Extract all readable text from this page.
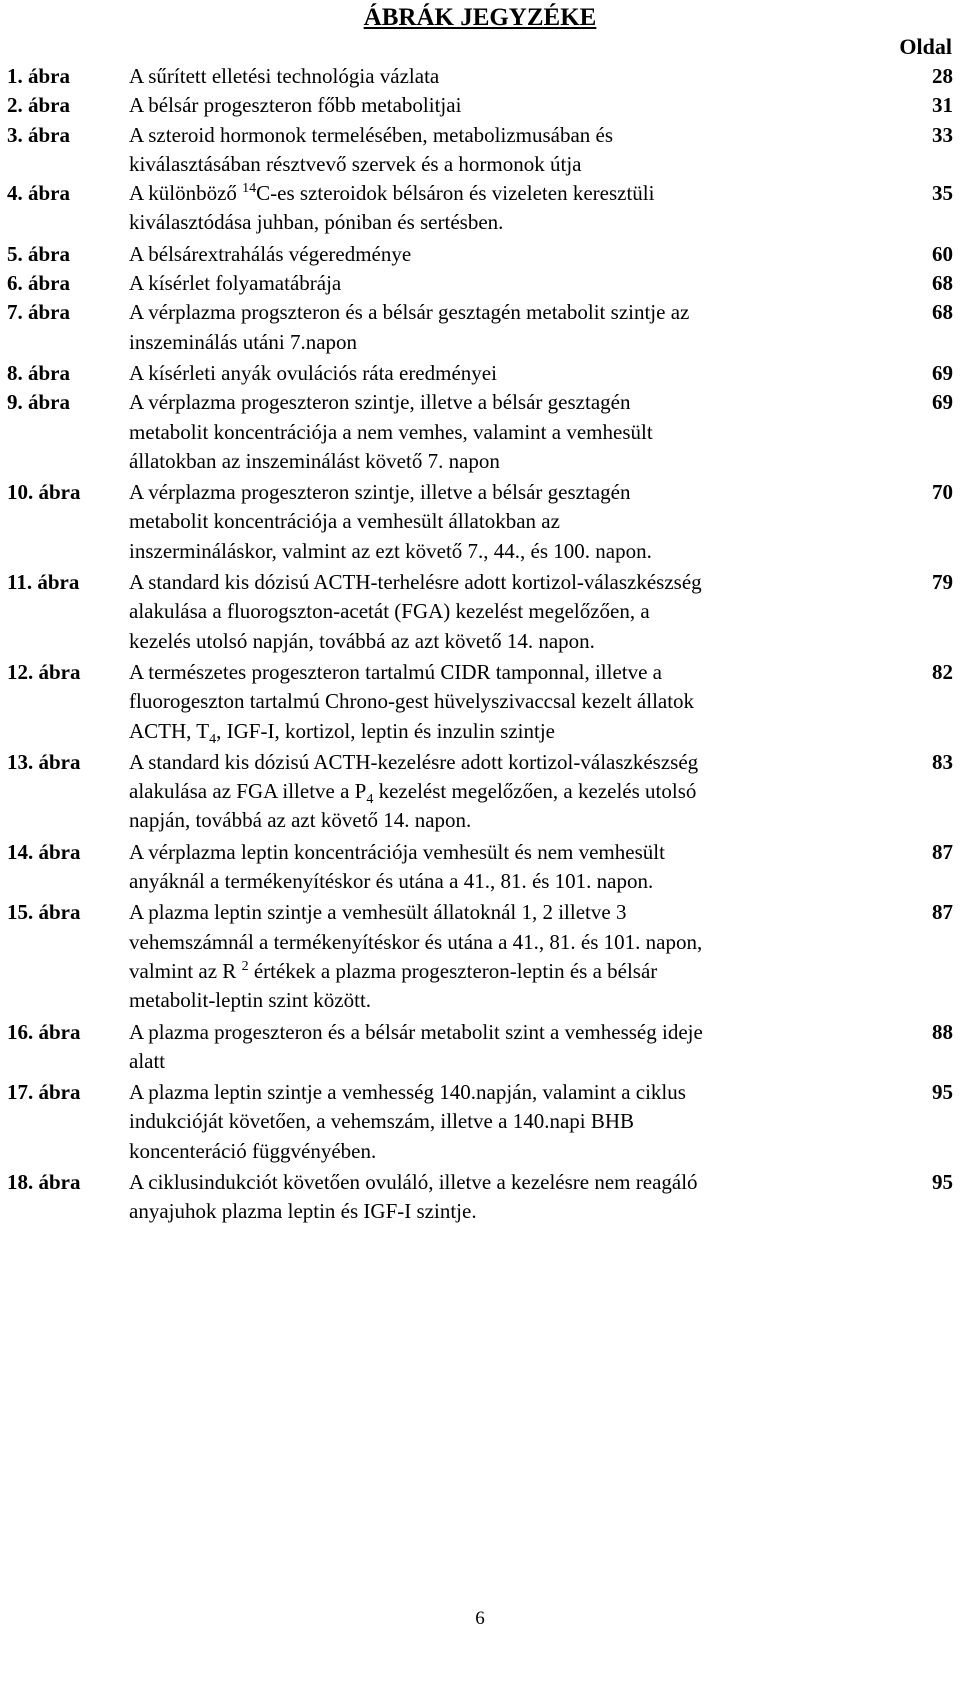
ÁBRÁK JEGYZÉKE
Oldal
1. ábra	A sűrített elletési technológia vázlata	28
2. ábra	A bélsár progeszteron főbb metabolitjai	31
3. ábra	A szteroid hormonok termelésében, metabolizmusában és
kiválasztásában résztvevő szervek és a hormonok útja
33
4. ábra	A különböző $^{14}$C-es szteroidok bélsáron és vizeleten keresztüli
kiválasztódása juhban, póniban és sertésben.
35
5. ábra	A bélsárextrahálás végeredménye	60
6. ábra	A kísérlet folyamatábrája	68
7. ábra	A vérplazma progszteron és a bélsár gesztagén metabolit szintje az
inszeminálás utáni 7.napon
68
8. ábra	A kísérleti anyák ovulációs ráta eredményei	69
9. ábra	A vérplazma progeszteron szintje, illetve a bélsár gesztagén
metabolit koncentrációja a nem vemhes, valamint a vemhesült
állatokban az inszeminálást követő 7. napon
69
10. ábra A vérplazma progeszteron szintje, illetve a bélsár gesztagén
metabolit koncentrációja a vemhesült állatokban az
inszermináláskor, valmint az ezt követő 7., 44., és 100. napon.
70
11. ábra A standard kis dózisú ACTH-terhelésre adott kortizol-válaszkészség
alakulása a fluorogszton-acetát (FGA) kezelést megelőzően, a
kezelés utolsó napján, továbbá az azt követő 14. napon.
79
12. ábra A természetes progeszteron tartalmú CIDR tamponnal, illetve a
fluorogeszton tartalmú Chrono-gest hüvelyszivaccsal kezelt állatok
ACTH, $T_4$, IGF-I, kortizol, leptin és inzulin szintje
82
13. ábra A standard kis dózisú ACTH-kezelésre adott kortizol-válaszkészség
alakulása az FGA illetve a $P_4$ kezelést megelőzően, a kezelés utolsó
napján, továbbá az azt követő 14. napon.
83
14. ábra A vérplazma leptin koncentrációja vemhesült és nem vemhesült
anyáknál a termékenyítéskor és utána a 41., 81. és 101. napon.
87
15. ábra A plazma leptin szintje a vemhesült állatoknál 1, 2 illetve 3
vehemszámnál a termékenyítéskor és utána a 41., 81. és 101. napon,
valmint az R $^2$ értékek a plazma progeszteron-leptin és a bélsár
metabolit-leptin szint között.
87
16. ábra A plazma progeszteron és a bélsár metabolit szint a vemhesség ideje
alatt
88
17. ábra A plazma leptin szintje a vemhesség 140.napján, valamint a ciklus
indukcióját követően, a vehemszám, illetve a 140.napi BHB
koncenteráció függvényében.
95
18. ábra A ciklusindukciót követően ovuláló, illetve a kezelésre nem reagáló
anyajuhok plazma leptin és IGF-I szintje.
95
6
